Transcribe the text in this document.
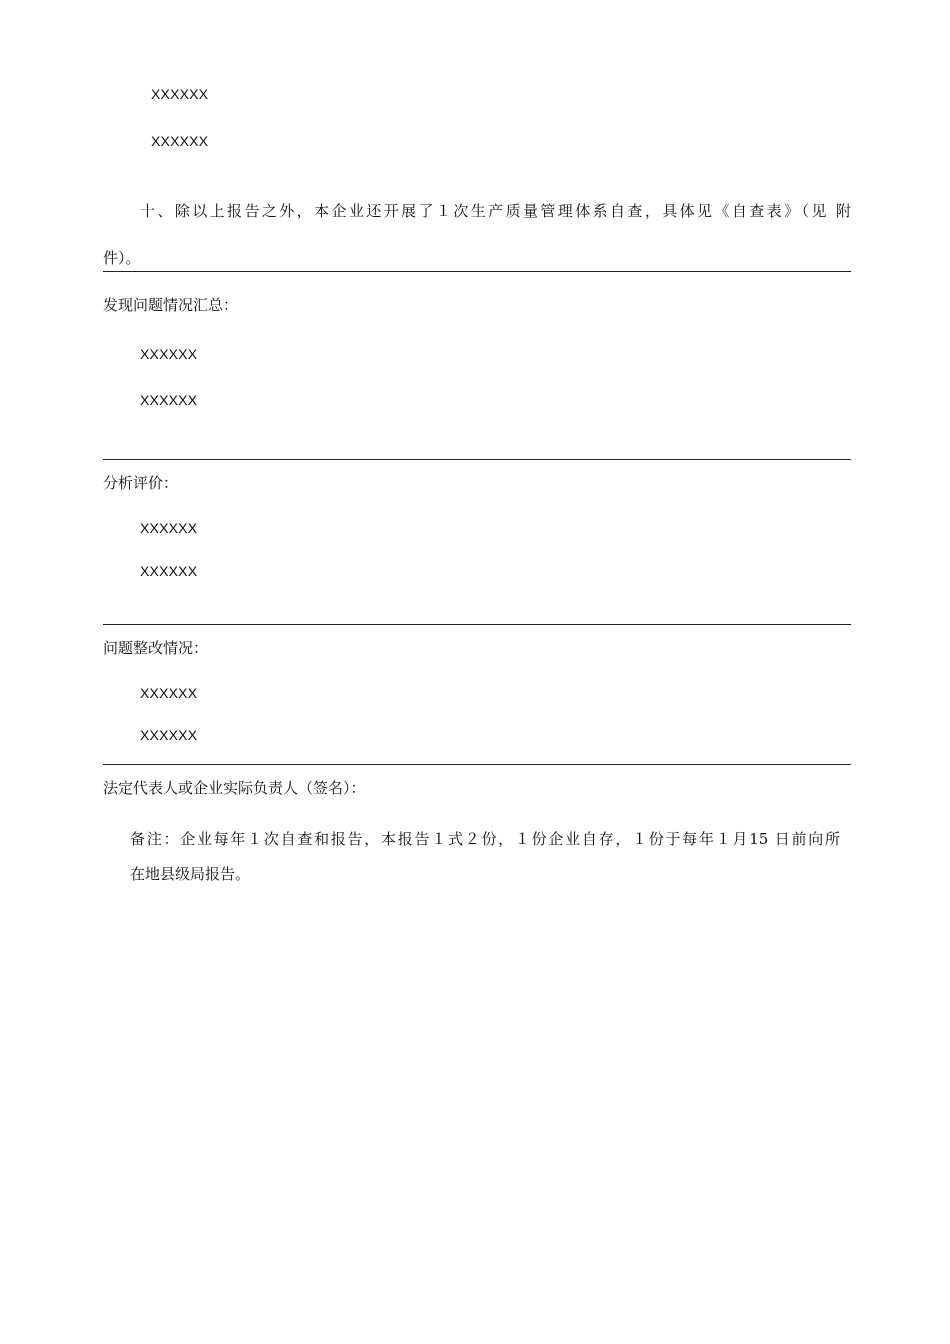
XXXXXX
XXXXXX
十、除以上报告之外，本企业还开展了１次生产质量管理体系自查，具体见《自查表》（见 附
件）。
发现问题情况汇总：
XXXXXX
XXXXXX
分析评价：
XXXXXX
XXXXXX
问题整改情况：
XXXXXX
XXXXXX
法定代表人或企业实际负责人（签名）：
备注：企业每年１次自查和报告，本报告１式２份，１份企业自存，１份于每年１月15 日前向所
在地县级局报告。
